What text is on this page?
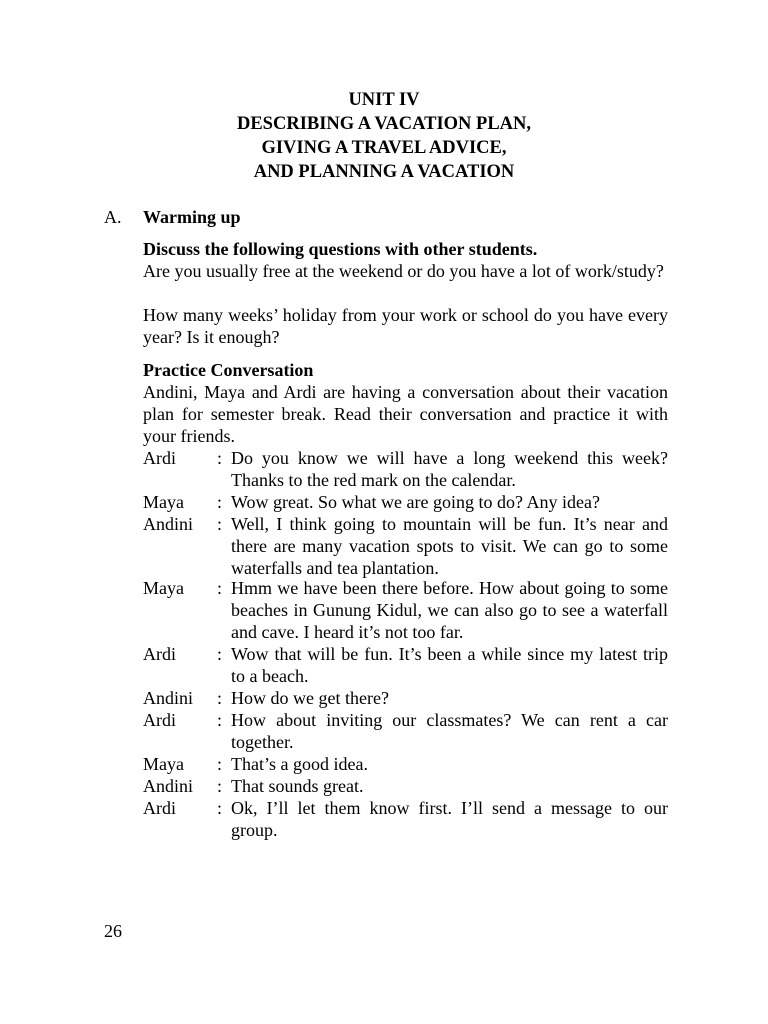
UNIT IV
DESCRIBING A VACATION PLAN,
GIVING A TRAVEL ADVICE,
AND PLANNING A VACATION
A. Warming up
Discuss the following questions with other students.
Are you usually free at the weekend or do you have a lot of work/study?
How many weeks’ holiday from your work or school do you have every year? Is it enough?
Practice Conversation
Andini, Maya and Ardi are having a conversation about their vacation plan for semester break. Read their conversation and practice it with your friends.
Ardi	: Do you know we will have a long weekend this week? Thanks to the red mark on the calendar.
Maya	: Wow great. So what we are going to do? Any idea?
Andini	: Well, I think going to mountain will be fun. It’s near and there are many vacation spots to visit. We can go to some waterfalls and tea plantation.
Maya	: Hmm we have been there before. How about going to some beaches in Gunung Kidul, we can also go to see a waterfall and cave. I heard it’s not too far.
Ardi	: Wow that will be fun. It’s been a while since my latest trip to a beach.
Andini	: How do we get there?
Ardi	: How about inviting our classmates? We can rent a car together.
Maya	: That’s a good idea.
Andini	: That sounds great.
Ardi	: Ok, I’ll let them know first. I’ll send a message to our group.
26
